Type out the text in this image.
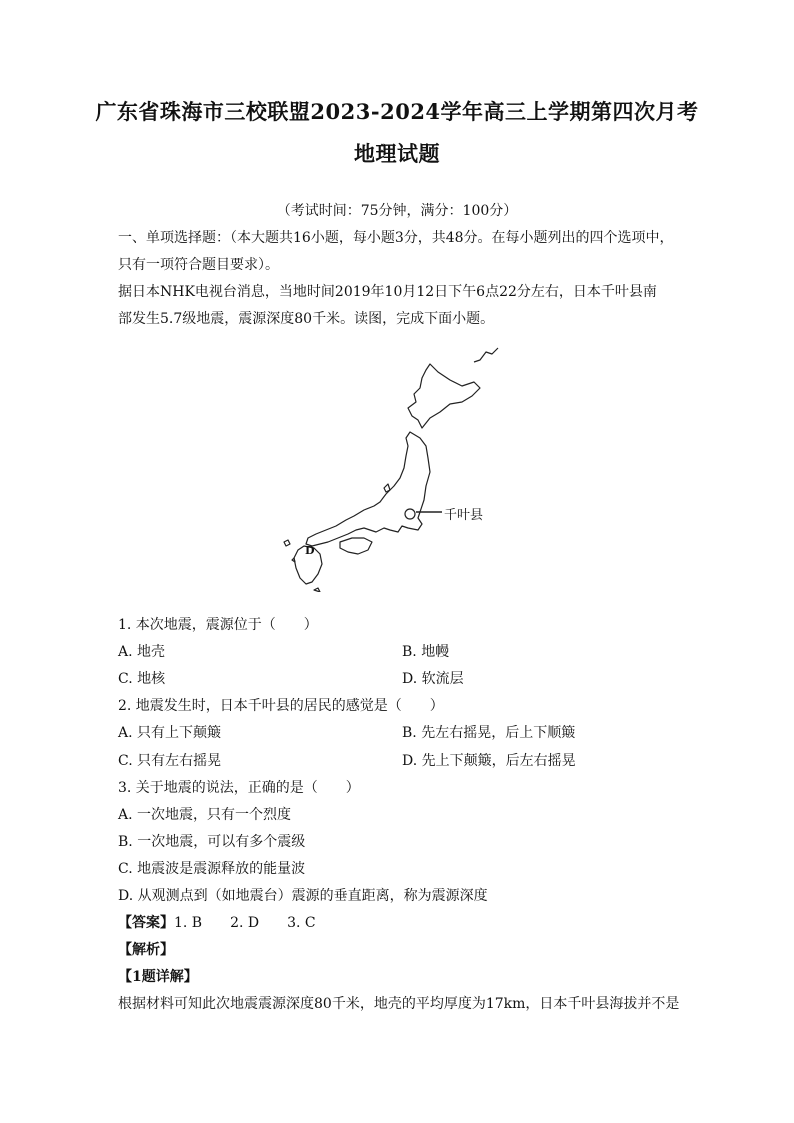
广东省珠海市三校联盟2023-2024学年高三上学期第四次月考
地理试题
（考试时间：75分钟，满分：100分）
一、单项选择题：（本大题共16小题，每小题3分，共48分。在每小题列出的四个选项中，
只有一项符合题目要求）。
据日本NHK电视台消息，当地时间2019年10月12日下午6点22分左右，日本千叶县南
部发生5.7级地震，震源深度80千米。读图，完成下面小题。
千叶县
D
1. 本次地震，震源位于（　　）
A. 地壳	B. 地幔
C. 地核	D. 软流层
2. 地震发生时，日本千叶县的居民的感觉是（　　）
A. 只有上下颠簸	B. 先左右摇晃，后上下顺簸
C. 只有左右摇晃	D. 先上下颠簸，后左右摇晃
3. 关于地震的说法，正确的是（　　）
A. 一次地震，只有一个烈度
B. 一次地震，可以有多个震级
C. 地震波是震源释放的能量波
D. 从观测点到（如地震台）震源的垂直距离，称为震源深度
【答案】1. B　　2. D　　3. C
【解析】
【1题详解】
根据材料可知此次地震震源深度80千米，地壳的平均厚度为17km，日本千叶县海拔并不是
